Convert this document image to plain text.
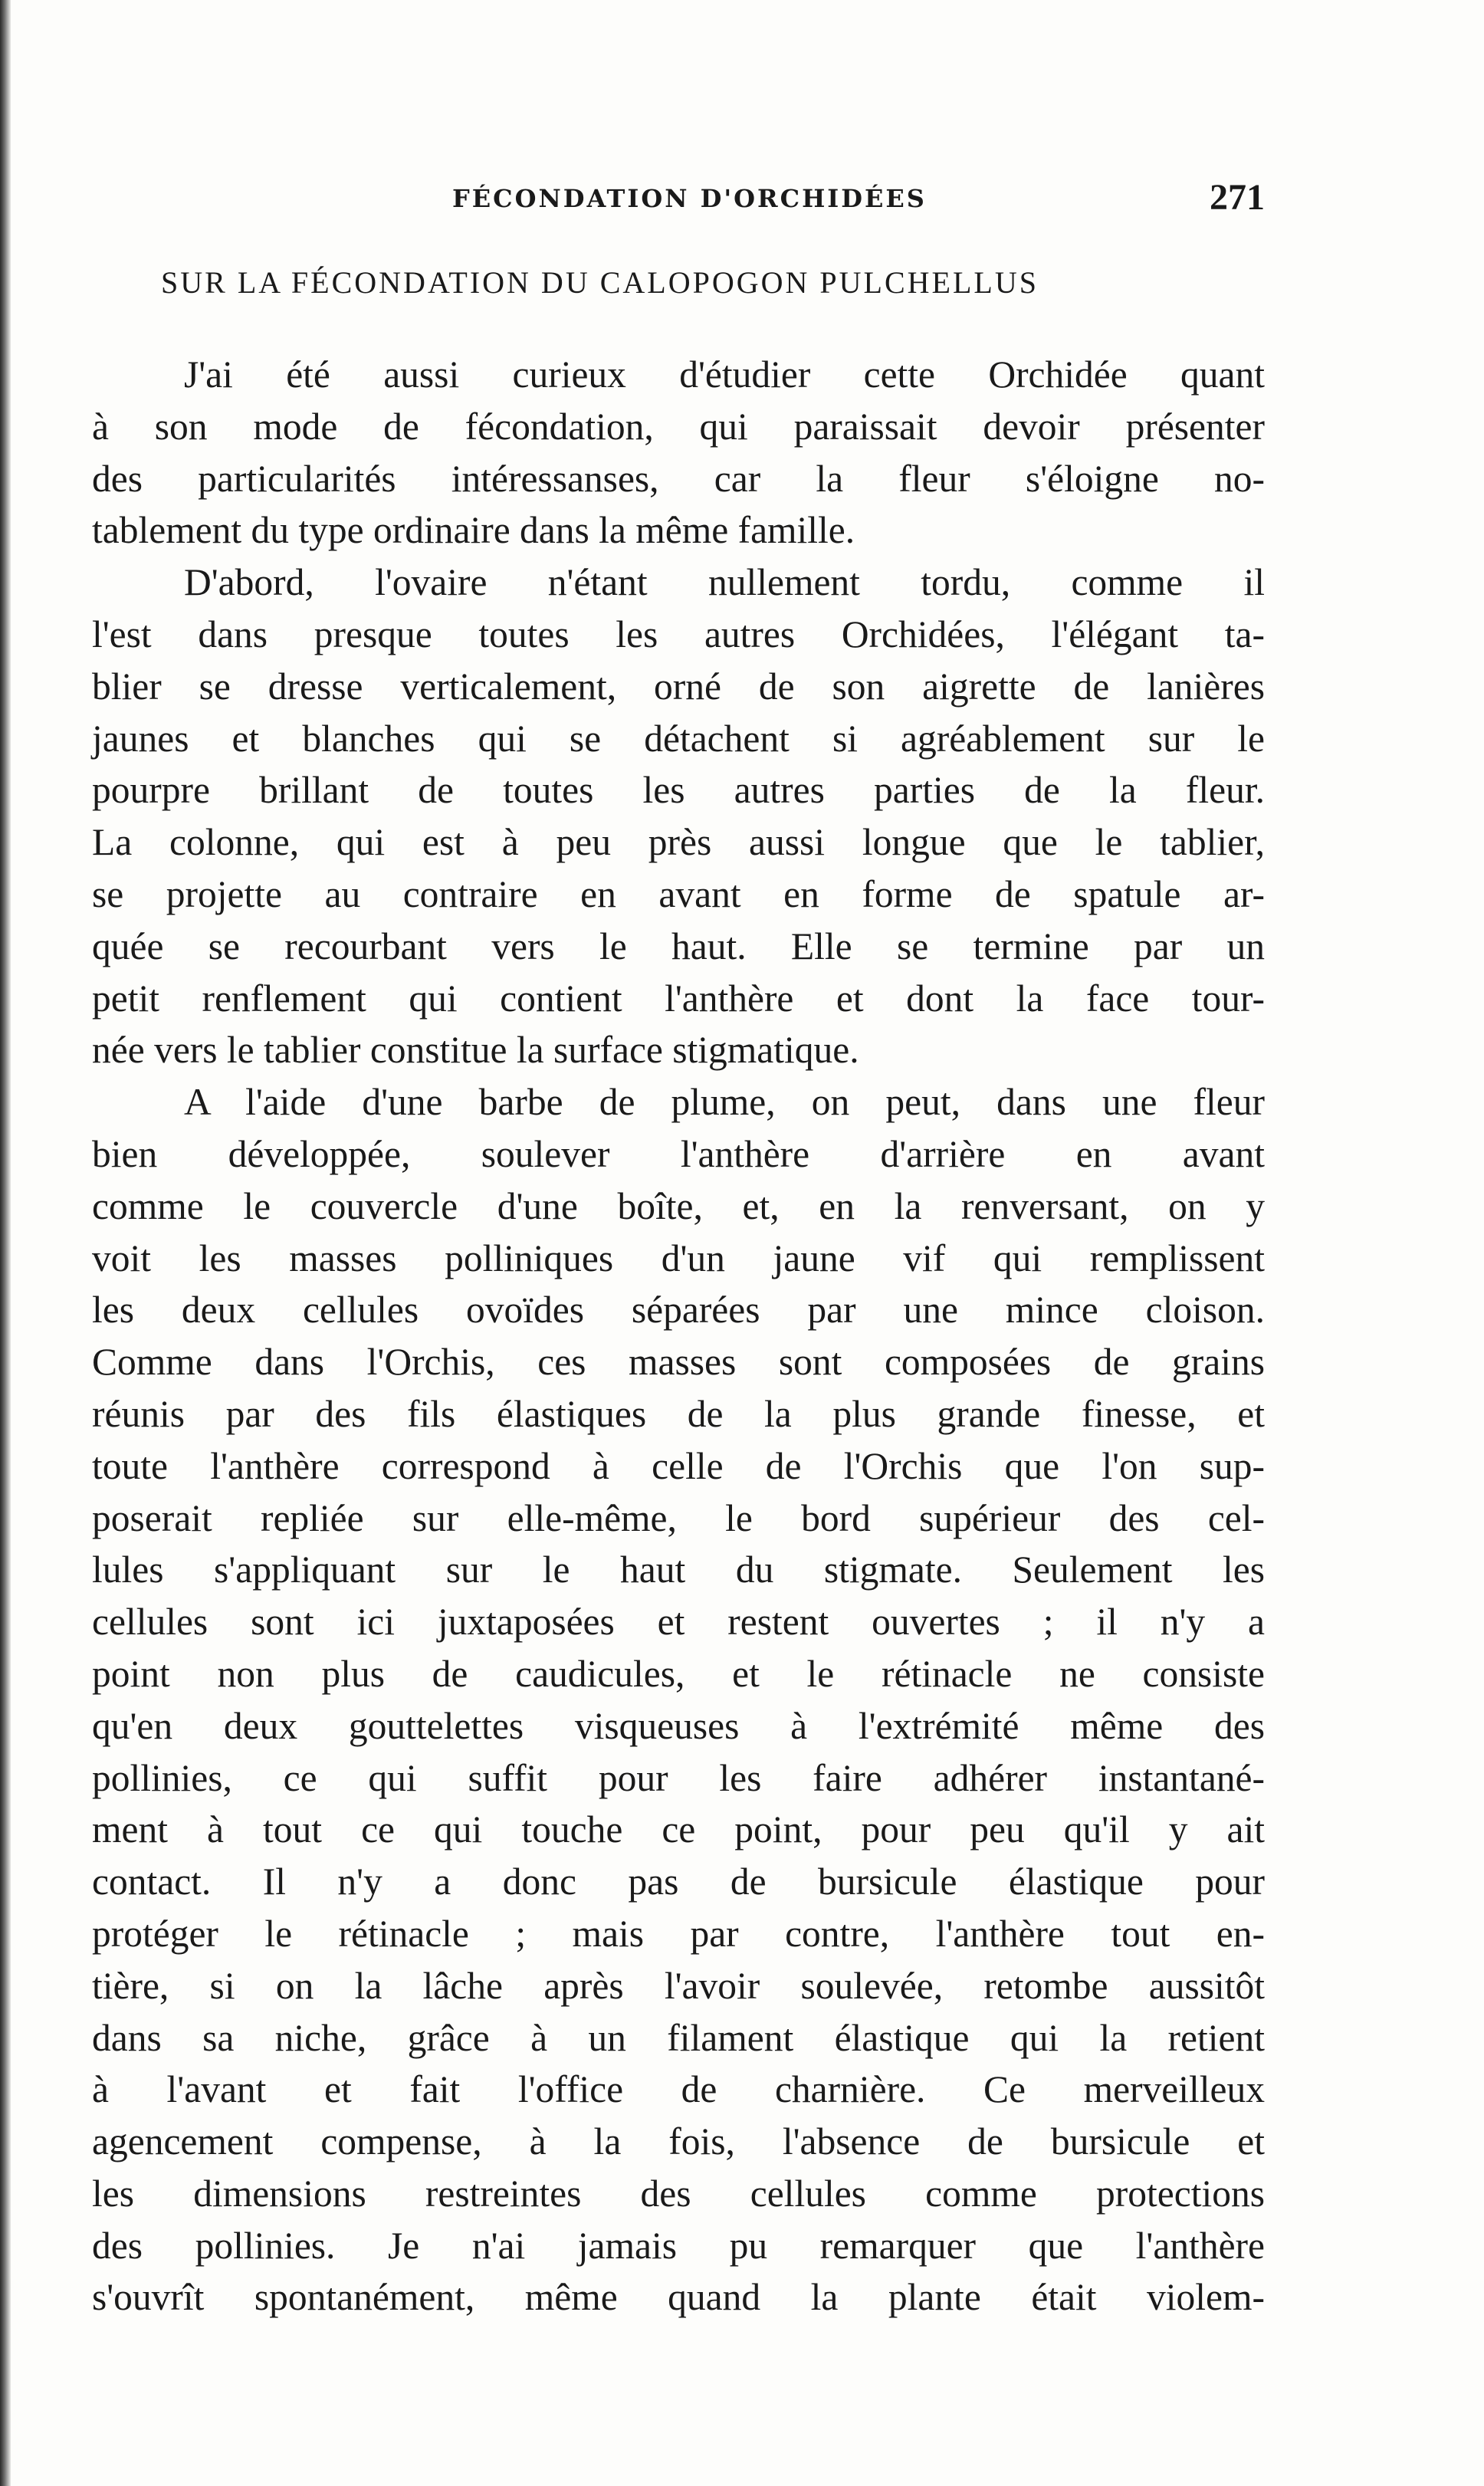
FÉCONDATION D'ORCHIDÉES	271
SUR LA FÉCONDATION DU CALOPOGON PULCHELLUS
J'ai été aussi curieux d'étudier cette Orchidée quant
à son mode de fécondation, qui paraissait devoir présenter
des particularités intéressanses, car la fleur s'éloigne no-
tablement du type ordinaire dans la même famille.
D'abord, l'ovaire n'étant nullement tordu, comme il
l'est dans presque toutes les autres Orchidées, l'élégant ta-
blier se dresse verticalement, orné de son aigrette de lanières
jaunes et blanches qui se détachent si agréablement sur le
pourpre brillant de toutes les autres parties de la fleur.
La colonne, qui est à peu près aussi longue que le tablier,
se projette au contraire en avant en forme de spatule ar-
quée se recourbant vers le haut. Elle se termine par un
petit renflement qui contient l'anthère et dont la face tour-
née vers le tablier constitue la surface stigmatique.
A l'aide d'une barbe de plume, on peut, dans une fleur
bien développée, soulever l'anthère d'arrière en avant
comme le couvercle d'une boîte, et, en la renversant, on y
voit les masses polliniques d'un jaune vif qui remplissent
les deux cellules ovoïdes séparées par une mince cloison.
Comme dans l'Orchis, ces masses sont composées de grains
réunis par des fils élastiques de la plus grande finesse, et
toute l'anthère correspond à celle de l'Orchis que l'on sup-
poserait repliée sur elle-même, le bord supérieur des cel-
lules s'appliquant sur le haut du stigmate. Seulement les
cellules sont ici juxtaposées et restent ouvertes ; il n'y a
point non plus de caudicules, et le rétinacle ne consiste
qu'en deux gouttelettes visqueuses à l'extrémité même des
pollinies, ce qui suffit pour les faire adhérer instantané-
ment à tout ce qui touche ce point, pour peu qu'il y ait
contact. Il n'y a donc pas de bursicule élastique pour
protéger le rétinacle ; mais par contre, l'anthère tout en-
tière, si on la lâche après l'avoir soulevée, retombe aussitôt
dans sa niche, grâce à un filament élastique qui la retient
à l'avant et fait l'office de charnière. Ce merveilleux
agencement compense, à la fois, l'absence de bursicule et
les dimensions restreintes des cellules comme protections
des pollinies. Je n'ai jamais pu remarquer que l'anthère
s'ouvrît spontanément, même quand la plante était violem-
